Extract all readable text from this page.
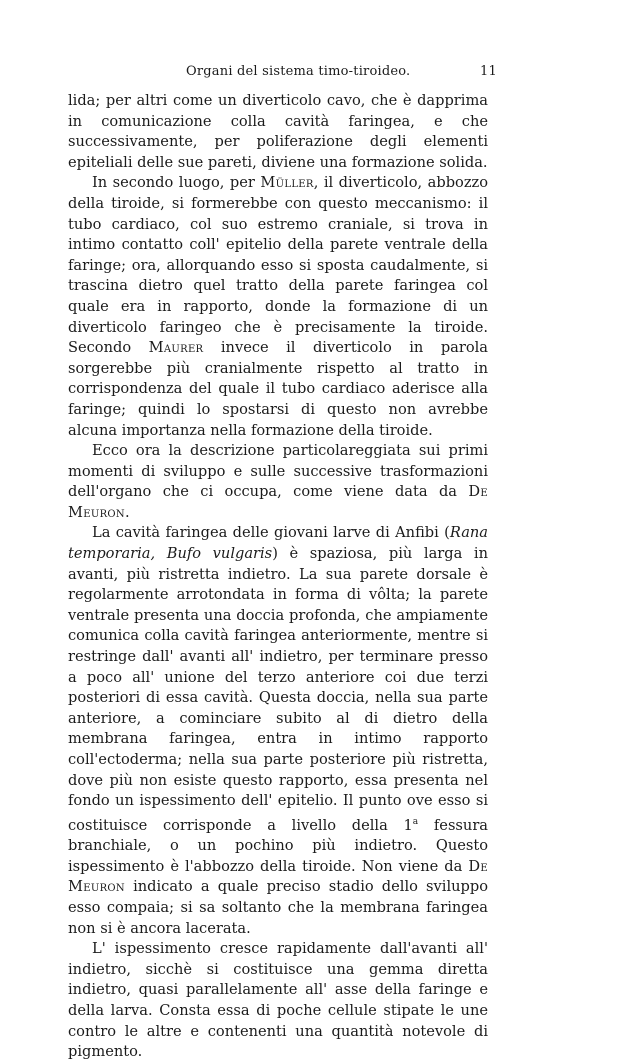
Organi del sistema timo-tiroideo.	11

lida; per altri come un diverticolo cavo, che è dapprima in comunicazione colla cavità faringea, e che successivamente, per poliferazione degli elementi epiteliali delle sue pareti, diviene una formazione solida.

In secondo luogo, per Müller, il diverticolo, abbozzo della tiroide, si formerebbe con questo meccanismo: il tubo cardiaco, col suo estremo craniale, si trova in intimo contatto coll' epitelio della parete ventrale della faringe; ora, allorquando esso si sposta caudalmente, si trascina dietro quel tratto della parete faringea col quale era in rapporto, donde la formazione di un diverticolo faringeo che è precisamente la tiroide. Secondo Maurer invece il diverticolo in parola sorgerebbe più cranialmente rispetto al tratto in corrispondenza del quale il tubo cardiaco aderisce alla faringe; quindi lo spostarsi di questo non avrebbe alcuna importanza nella formazione della tiroide.

Ecco ora la descrizione particolareggiata sui primi momenti di sviluppo e sulle successive trasformazioni dell'organo che ci occupa, come viene data da De Meuron.

La cavità faringea delle giovani larve di Anfibi (Rana temporaria, Bufo vulgaris) è spaziosa, più larga in avanti, più ristretta indietro. La sua parete dorsale è regolarmente arrotondata in forma di vôlta; la parete ventrale presenta una doccia profonda, che ampiamente comunica colla cavità faringea anteriormente, mentre si restringe dall' avanti all' indietro, per terminare presso a poco all' unione del terzo anteriore coi due terzi posteriori di essa cavità. Questa doccia, nella sua parte anteriore, a cominciare subito al di dietro della membrana faringea, entra in intimo rapporto coll'ectoderma; nella sua parte posteriore più ristretta, dove più non esiste questo rapporto, essa presenta nel fondo un ispessimento dell' epitelio. Il punto ove esso si costituisce corrisponde a livello della 1$^a$ fessura branchiale, o un pochino più indietro. Questo ispessimento è l'abbozzo della tiroide. Non viene da De Meuron indicato a quale preciso stadio dello sviluppo esso compaia; si sa soltanto che la membrana faringea non si è ancora lacerata.

L' ispessimento cresce rapidamente dall'avanti all' indietro, sicchè si costituisce una gemma diretta indietro, quasi parallelamente all' asse della faringe e della larva. Consta essa di poche cellule stipate le une contro le altre e contenenti una quantità notevole di pigmento.
